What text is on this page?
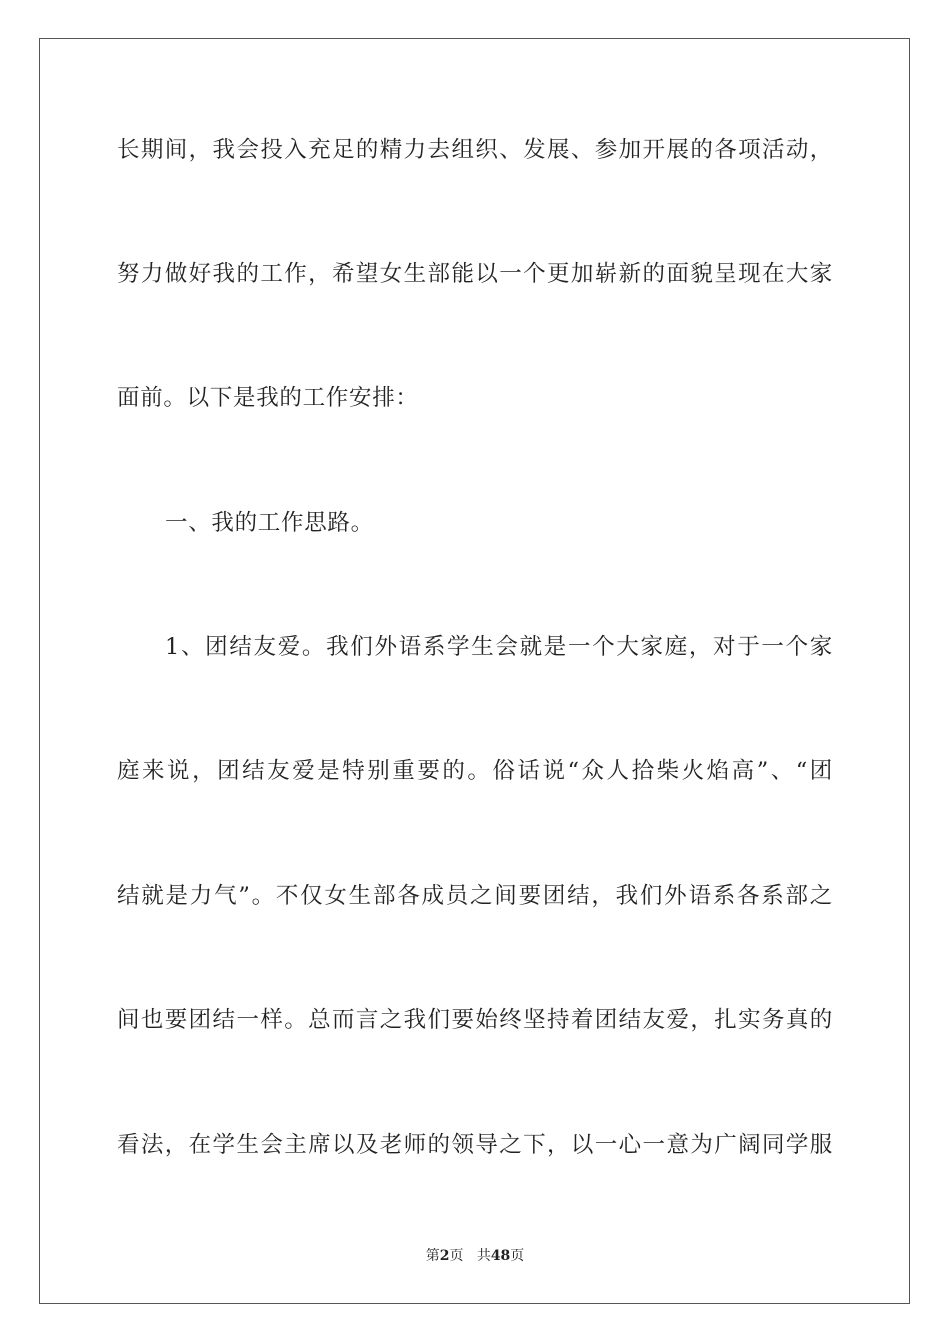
长期间，我会投入充足的精力去组织、发展、参加开展的各项活动，
努力做好我的工作，希望女生部能以一个更加崭新的面貌呈现在大家
面前。以下是我的工作安排：
一、我的工作思路。
1、团结友爱。我们外语系学生会就是一个大家庭，对于一个家
庭来说，团结友爱是特别重要的。俗话说“众人拾柴火焰高”、“团
结就是力气”。不仅女生部各成员之间要团结，我们外语系各系部之
间也要团结一样。总而言之我们要始终坚持着团结友爱，扎实务真的
看法，在学生会主席以及老师的领导之下，以一心一意为广阔同学服
第2页 共48页
